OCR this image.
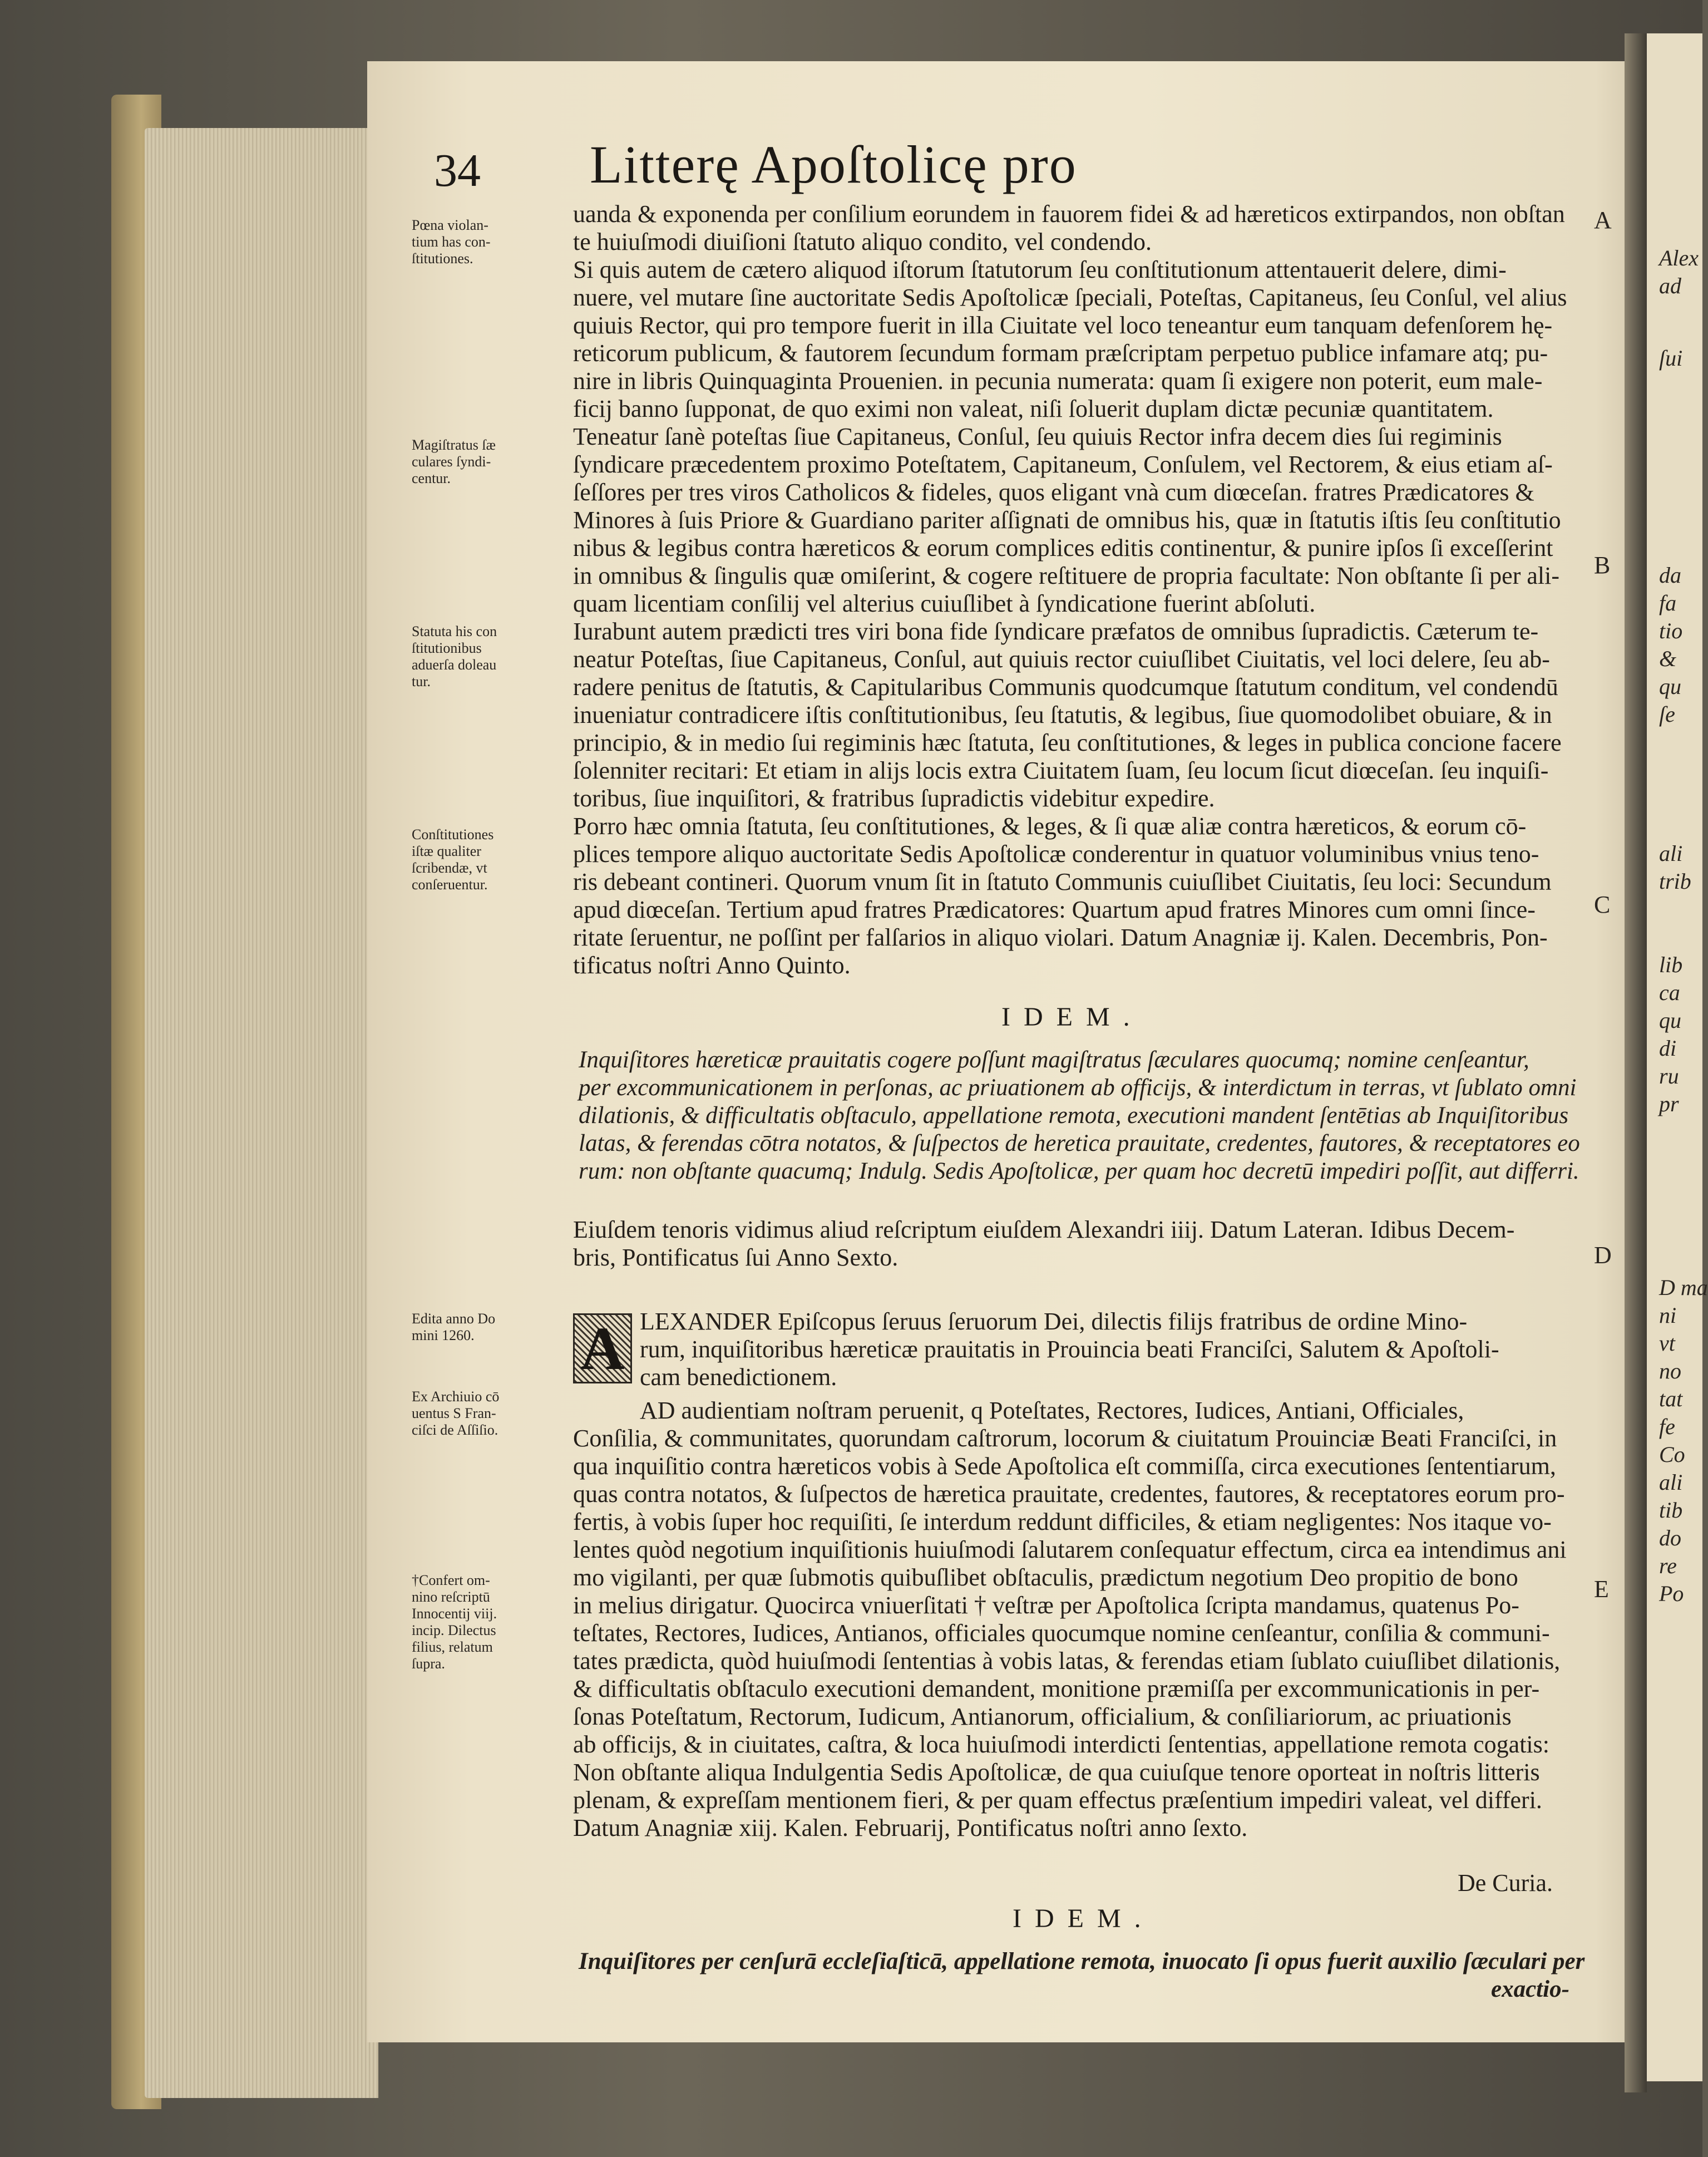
34 Litterę Apoſtolicę pro

Pœna violan-

tium has con-

ſtitutiones.

Magiſtratus ſæ

culares ſyndi-

centur.

Statuta his con

ſtitutionibus

aduerſa doleau

tur.

Conſtitutiones

iſtæ qualiter

ſcribendæ, vt

conſeruentur.

Edita anno Do

mini 1260.

Ex Archiuio cō

uentus S Fran-

ciſci de Aſſiſio.

†Confert om-

nino reſcriptū

Innocentij viij.

incip. Dilectus

filius, relatum

ſupra.

A
B
C
D
E

uanda & exponenda per conſilium eorundem in fauorem fidei & ad hæreticos extirpandos, non obſtan

te huiuſmodi diuiſioni ſtatuto aliquo condito, vel condendo.

Si quis autem de cætero aliquod iſtorum ſtatutorum ſeu conſtitutionum attentauerit delere, dimi-

nuere, vel mutare ſine auctoritate Sedis Apoſtolicæ ſpeciali, Poteſtas, Capitaneus, ſeu Conſul, vel alius

quiuis Rector, qui pro tempore fuerit in illa Ciuitate vel loco teneantur eum tanquam defenſorem hę-

reticorum publicum, & fautorem ſecundum formam præſcriptam perpetuo publice infamare atq; pu-

nire in libris Quinquaginta Prouenien. in pecunia numerata: quam ſi exigere non poterit, eum male-

ficij banno ſupponat, de quo eximi non valeat, niſi ſoluerit duplam dictæ pecuniæ quantitatem.

Teneatur ſanè poteſtas ſiue Capitaneus, Conſul, ſeu quiuis Rector infra decem dies ſui regiminis

ſyndicare præcedentem proximo Poteſtatem, Capitaneum, Conſulem, vel Rectorem, & eius etiam aſ-

ſeſſores per tres viros Catholicos & fideles, quos eligant vnà cum diœceſan. fratres Prædicatores &

Minores à ſuis Priore & Guardiano pariter aſſignati de omnibus his, quæ in ſtatutis iſtis ſeu conſtitutio

nibus & legibus contra hæreticos & eorum complices editis continentur, & punire ipſos ſi exceſſerint

in omnibus & ſingulis quæ omiſerint, & cogere reſtituere de propria facultate: Non obſtante ſi per ali-

quam licentiam conſilij vel alterius cuiuſlibet à ſyndicatione fuerint abſoluti.

Iurabunt autem prædicti tres viri bona fide ſyndicare præfatos de omnibus ſupradictis. Cæterum te-

neatur Poteſtas, ſiue Capitaneus, Conſul, aut quiuis rector cuiuſlibet Ciuitatis, vel loci delere, ſeu ab-

radere penitus de ſtatutis, & Capitularibus Communis quodcumque ſtatutum conditum, vel condendū

inueniatur contradicere iſtis conſtitutionibus, ſeu ſtatutis, & legibus, ſiue quomodolibet obuiare, & in

principio, & in medio ſui regiminis hæc ſtatuta, ſeu conſtitutiones, & leges in publica concione facere

ſolenniter recitari: Et etiam in alijs locis extra Ciuitatem ſuam, ſeu locum ſicut diœceſan. ſeu inquiſi-

toribus, ſiue inquiſitori, & fratribus ſupradictis videbitur expedire.

Porro hæc omnia ſtatuta, ſeu conſtitutiones, & leges, & ſi quæ aliæ contra hæreticos, & eorum cō-

plices tempore aliquo auctoritate Sedis Apoſtolicæ conderentur in quatuor voluminibus vnius teno-

ris debeant contineri. Quorum vnum ſit in ſtatuto Communis cuiuſlibet Ciuitatis, ſeu loci: Secundum

apud diœceſan. Tertium apud fratres Prædicatores: Quartum apud fratres Minores cum omni ſince-

ritate ſeruentur, ne poſſint per falſarios in aliquo violari. Datum Anagniæ ij. Kalen. Decembris, Pon-

tificatus noſtri Anno Quinto.

IDEM.

Inquiſitores hæreticæ prauitatis cogere poſſunt magiſtratus ſæculares quocumq; nomine cenſeantur,

per excommunicationem in perſonas, ac priuationem ab officijs, & interdictum in terras, vt ſublato omni

dilationis, & difficultatis obſtaculo, appellatione remota, executioni mandent ſentētias ab Inquiſitoribus

latas, & ferendas cōtra notatos, & ſuſpectos de heretica prauitate, credentes, fautores, & receptatores eo

rum: non obſtante quacumq; Indulg. Sedis Apoſtolicæ, per quam hoc decretū impediri poſſit, aut differri.

Eiuſdem tenoris vidimus aliud reſcriptum eiuſdem Alexandri iiij. Datum Lateran. Idibus Decem-

bris, Pontificatus ſui Anno Sexto.

A LEXANDER Epiſcopus ſeruus ſeruorum Dei, dilectis filijs fratribus de ordine Mino-

rum, inquiſitoribus hæreticæ prauitatis in Prouincia beati Franciſci, Salutem & Apoſtoli-

cam benedictionem.

AD audientiam noſtram peruenit, q Poteſtates, Rectores, Iudices, Antiani, Officiales,

Conſilia, & communitates, quorundam caſtrorum, locorum & ciuitatum Prouinciæ Beati Franciſci, in

qua inquiſitio contra hæreticos vobis à Sede Apoſtolica eſt commiſſa, circa executiones ſententiarum,

quas contra notatos, & ſuſpectos de hæretica prauitate, credentes, fautores, & receptatores eorum pro-

fertis, à vobis ſuper hoc requiſiti, ſe interdum reddunt difficiles, & etiam negligentes: Nos itaque vo-

lentes quòd negotium inquiſitionis huiuſmodi ſalutarem conſequatur effectum, circa ea intendimus ani

mo vigilanti, per quæ ſubmotis quibuſlibet obſtaculis, prædictum negotium Deo propitio de bono

in melius dirigatur. Quocirca vniuerſitati † veſtræ per Apoſtolica ſcripta mandamus, quatenus Po-

teſtates, Rectores, Iudices, Antianos, officiales quocumque nomine cenſeantur, conſilia & communi-

tates prædicta, quòd huiuſmodi ſententias à vobis latas, & ferendas etiam ſublato cuiuſlibet dilationis,

& difficultatis obſtaculo executioni demandent, monitione præmiſſa per excommunicationis in per-

ſonas Poteſtatum, Rectorum, Iudicum, Antianorum, officialium, & conſiliariorum, ac priuationis

ab officijs, & in ciuitates, caſtra, & loca huiuſmodi interdicti ſententias, appellatione remota cogatis:

Non obſtante aliqua Indulgentia Sedis Apoſtolicæ, de qua cuiuſque tenore oporteat in noſtris litteris

plenam, & expreſſam mentionem fieri, & per quam effectus præſentium impediri valeat, vel differi.

Datum Anagniæ xiij. Kalen. Februarij, Pontificatus noſtri anno ſexto.

De Curia.
IDEM.

Inquiſitores per cenſurā eccleſiaſticā, appellatione remota, inuocato ſi opus fuerit auxilio ſæculari per

exactio-

Alex
ad
ſui
da
fa
tio
&
qu
ſe
ali
trib
lib
ca
qu
di
ru
pr
D ma
ni
vt
no
tat
fe
Co
ali
tib
do
re
Po
